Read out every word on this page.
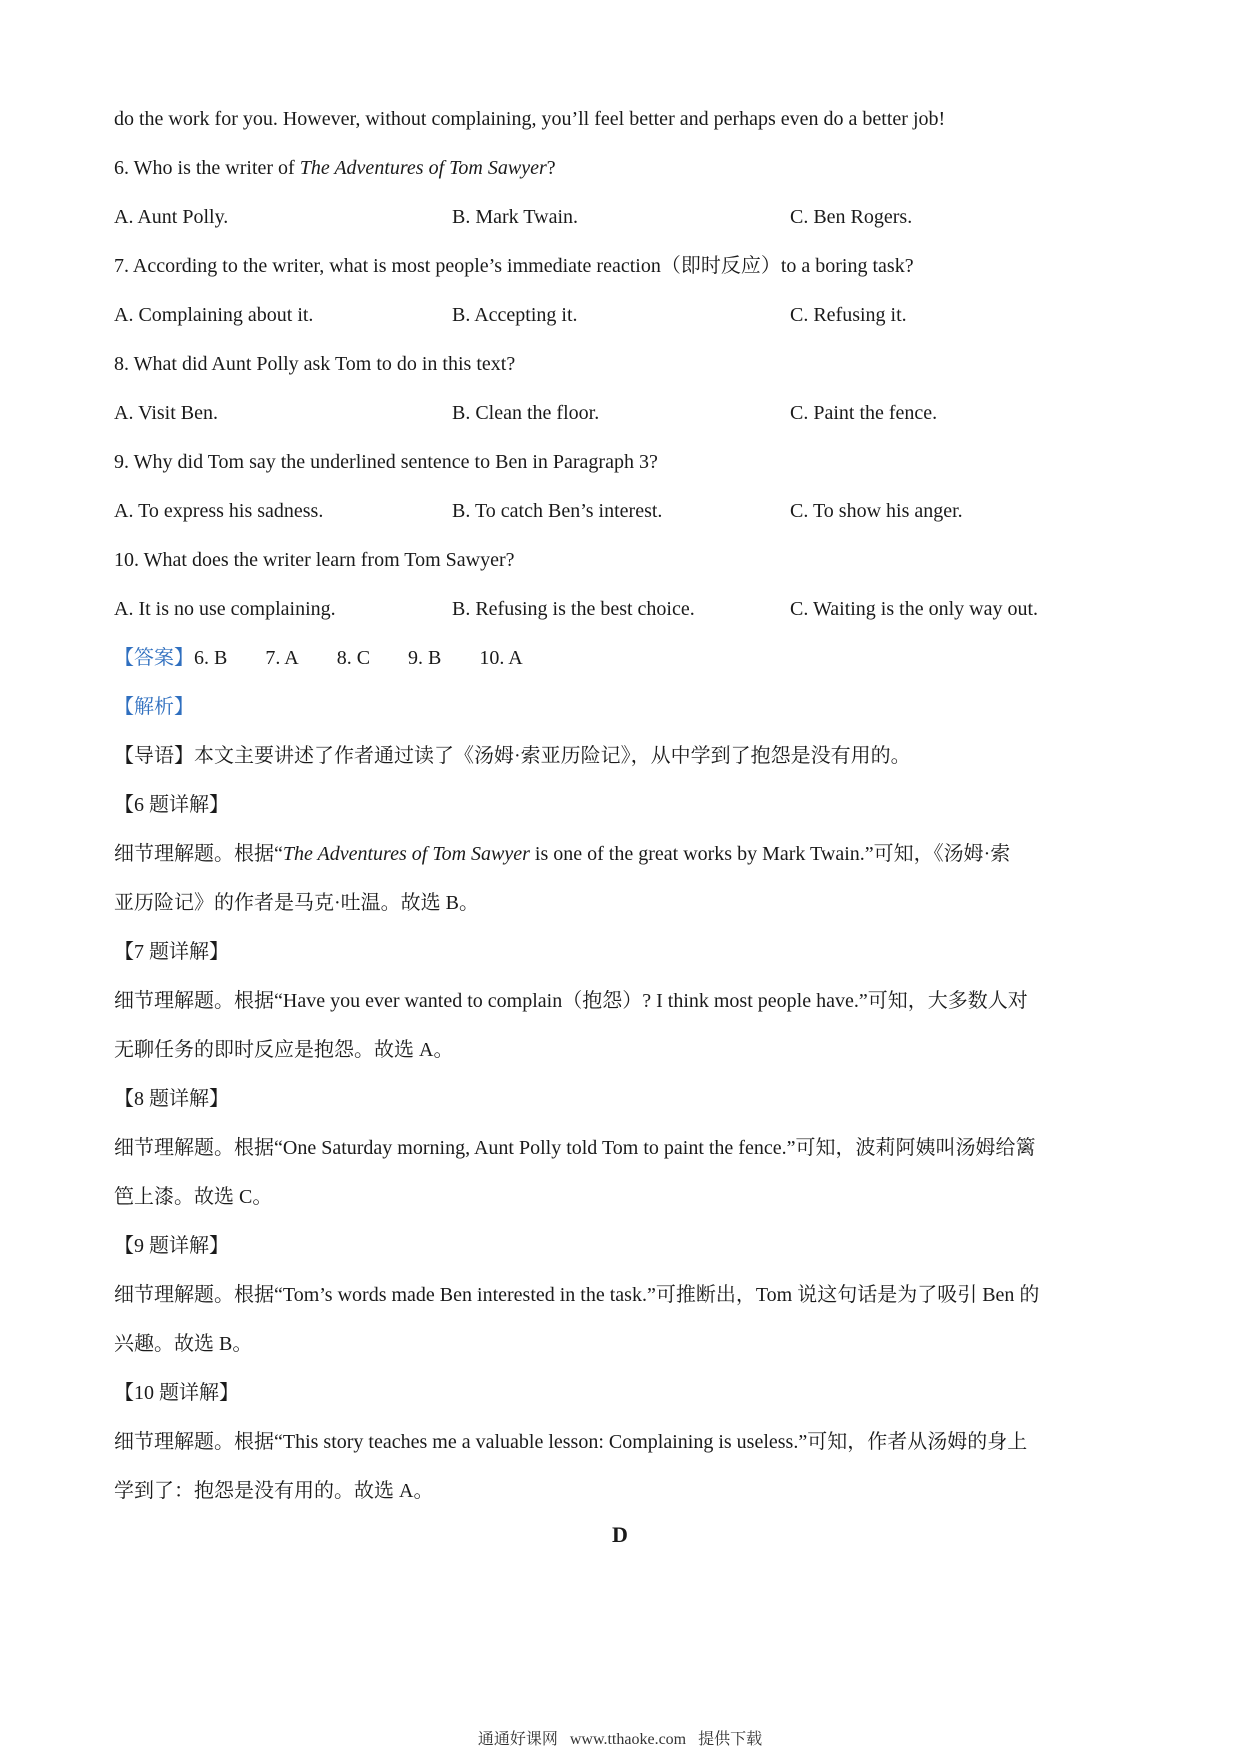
do the work for you. However, without complaining, you’ll feel better and perhaps even do a better job!
6. Who is the writer of The Adventures of Tom Sawyer?
A. Aunt Polly.	B. Mark Twain.	C. Ben Rogers.
7. According to the writer, what is most people’s immediate reaction（即时反应）to a boring task?
A. Complaining about it.	B. Accepting it.	C. Refusing it.
8. What did Aunt Polly ask Tom to do in this text?
A. Visit Ben.	B. Clean the floor.	C. Paint the fence.
9. Why did Tom say the underlined sentence to Ben in Paragraph 3?
A. To express his sadness.	B. To catch Ben’s interest.	C. To show his anger.
10. What does the writer learn from Tom Sawyer?
A. It is no use complaining.	B. Refusing is the best choice.	C. Waiting is the only way out.
【答案】6. B 7. A 8. C 9. B 10. A
【解析】
【导语】本文主要讲述了作者通过读了《汤姆·索亚历险记》，从中学到了抱怨是没有用的。
【6 题详解】
细节理解题。根据“The Adventures of Tom Sawyer is one of the great works by Mark Twain.”可知，《汤姆·索
亚历险记》的作者是马克·吐温。故选 B。
【7 题详解】
细节理解题。根据“Have you ever wanted to complain（抱怨）? I think most people have.”可知，大多数人对
无聊任务的即时反应是抱怨。故选 A。
【8 题详解】
细节理解题。根据“One Saturday morning, Aunt Polly told Tom to paint the fence.”可知，波莉阿姨叫汤姆给篱
笆上漆。故选 C。
【9 题详解】
细节理解题。根据“Tom’s words made Ben interested in the task.”可推断出，Tom 说这句话是为了吸引 Ben 的
兴趣。故选 B。
【10 题详解】
细节理解题。根据“This story teaches me a valuable lesson: Complaining is useless.”可知，作者从汤姆的身上
学到了：抱怨是没有用的。故选 A。
D
通通好课网 www.tthaoke.com 提供下载
